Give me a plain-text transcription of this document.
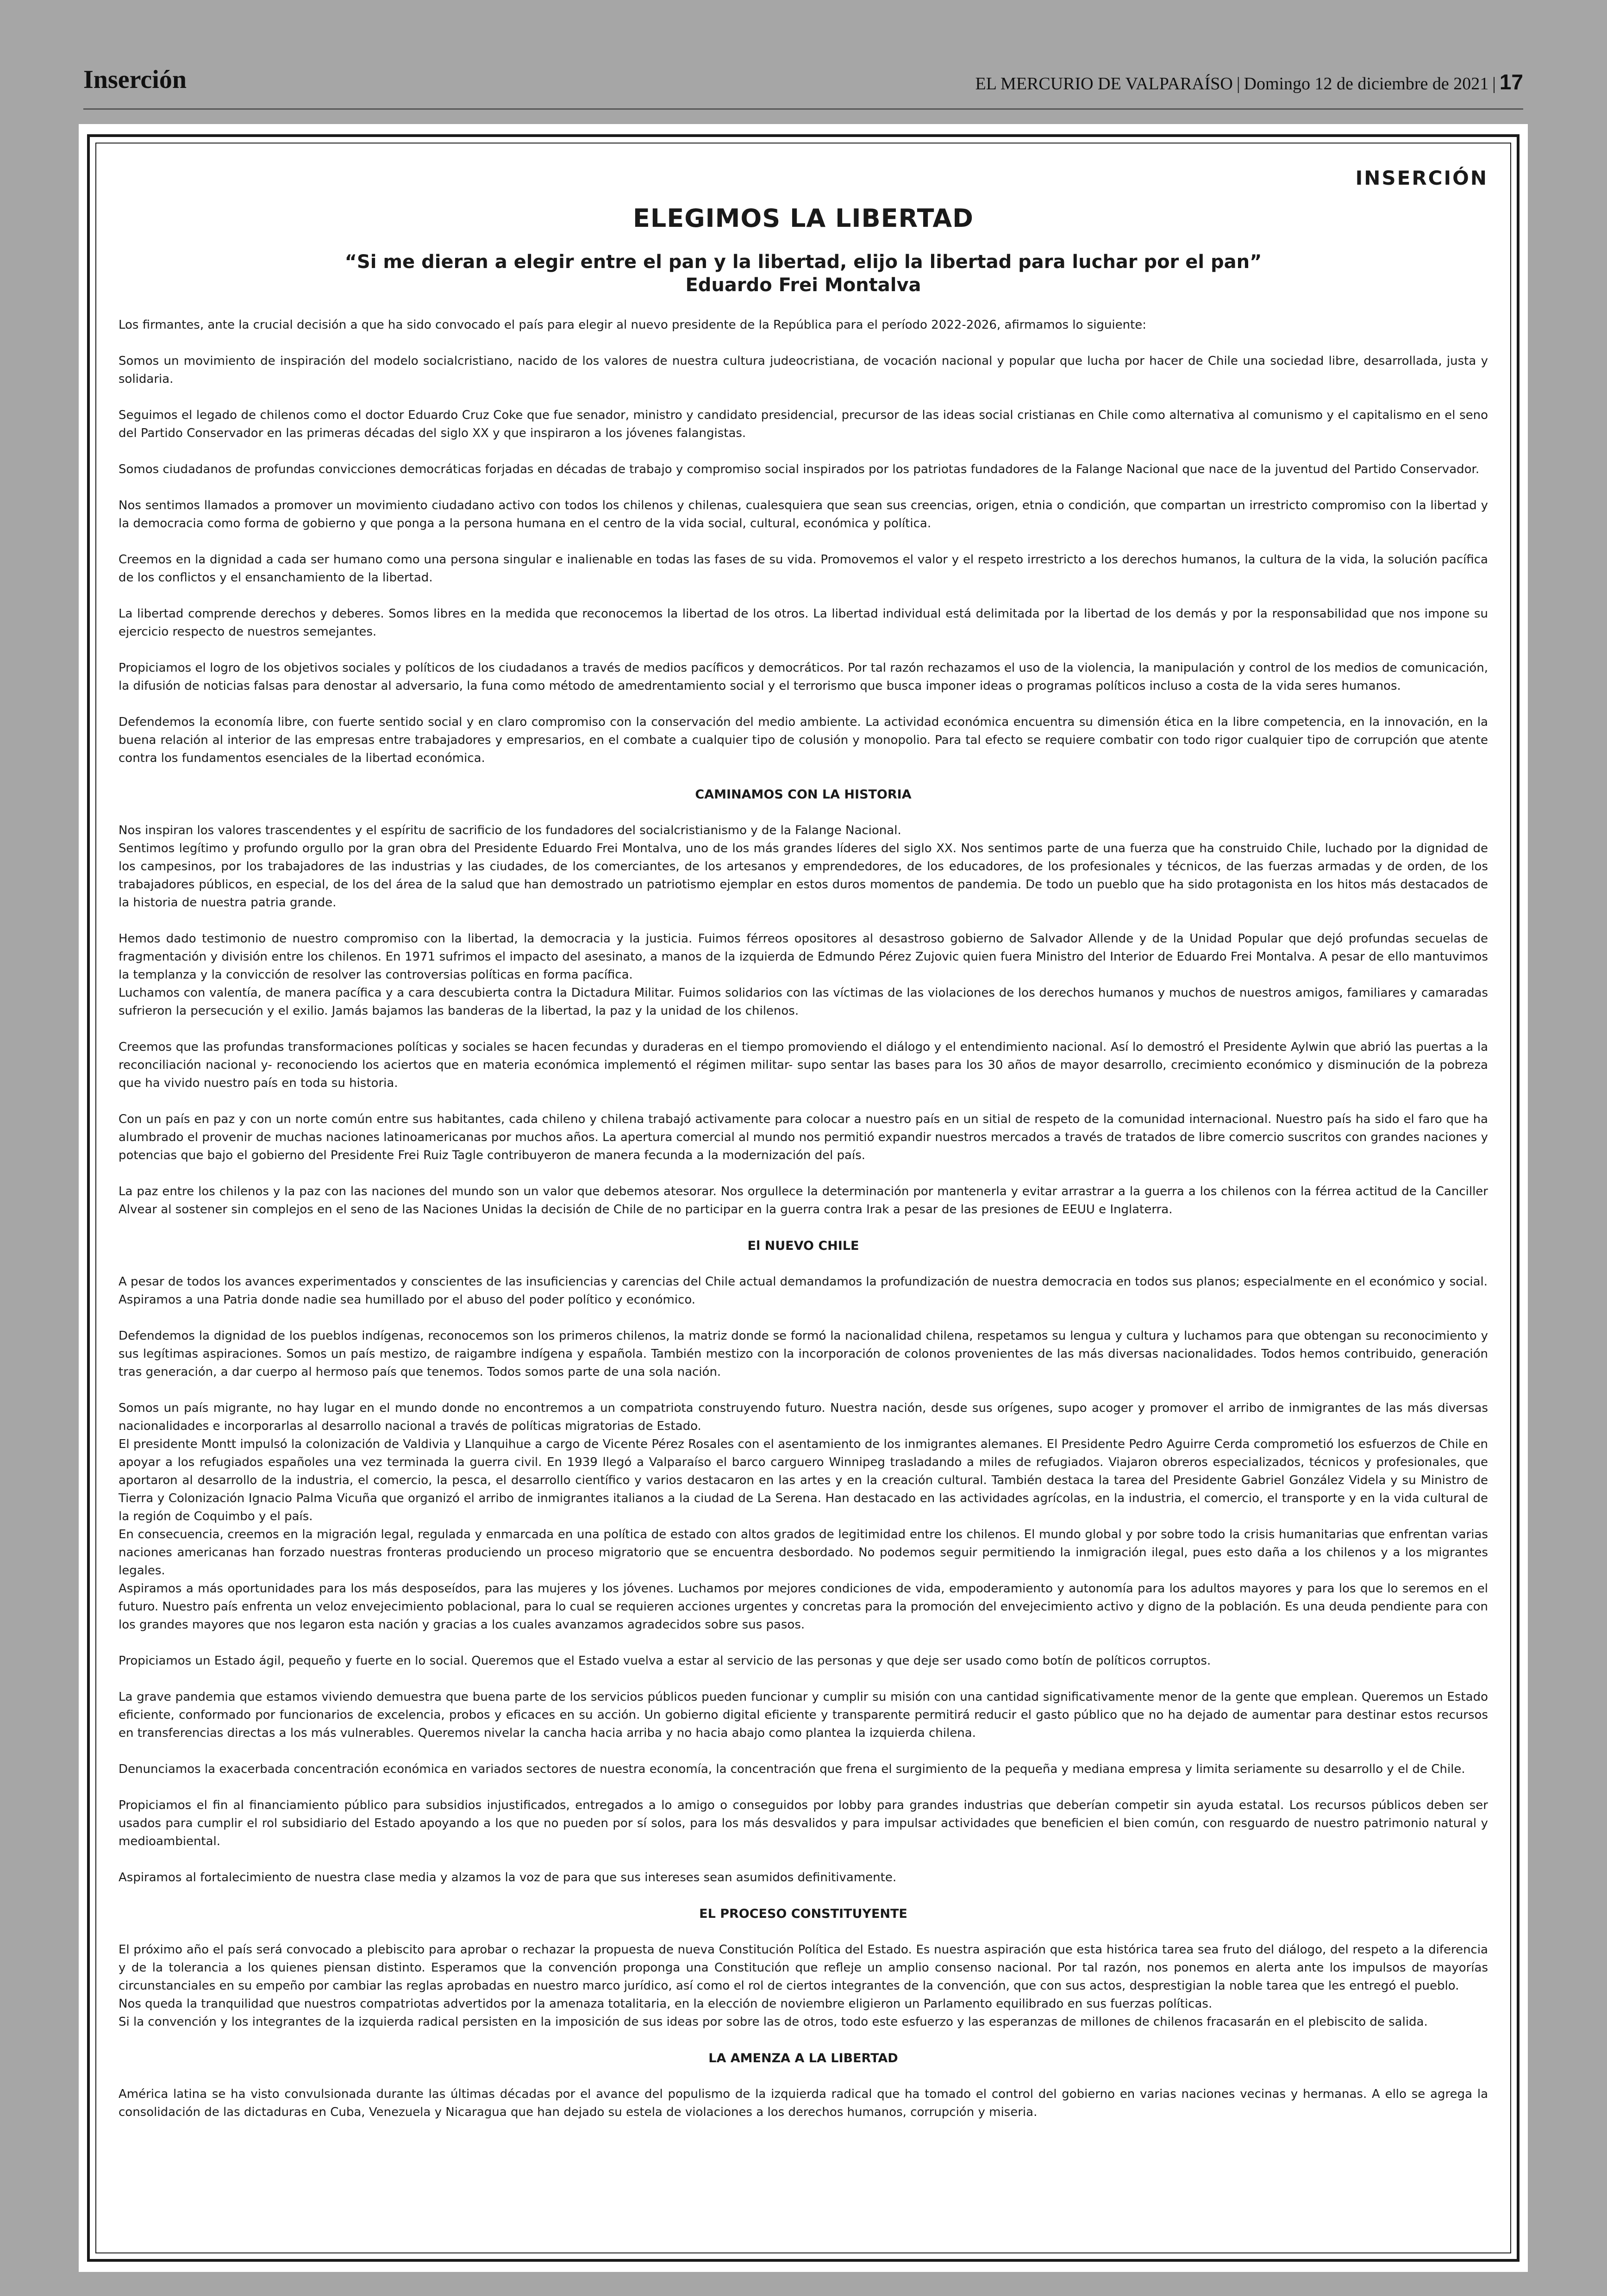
Inserción	EL MERCURIO DE VALPARAÍSO | Domingo 12 de diciembre de 2021 | 17
INSERCIÓN
ELEGIMOS LA LIBERTAD
“Si me dieran a elegir entre el pan y la libertad, elijo la libertad para luchar por el pan”
Eduardo Frei Montalva

Los firmantes, ante la crucial decisión a que ha sido convocado el país para elegir al nuevo presidente de la República para el período 2022-2026, afirmamos lo siguiente:

Somos un movimiento de inspiración del modelo socialcristiano, nacido de los valores de nuestra cultura judeocristiana, de vocación nacional y popular que lucha por hacer de Chile una sociedad libre, desarrollada, justa y solidaria.

Seguimos el legado de chilenos como el doctor Eduardo Cruz Coke que fue senador, ministro y candidato presidencial, precursor de las ideas social cristianas en Chile como alternativa al comunismo y el capitalismo en el seno del Partido Conservador en las primeras décadas del siglo XX y que inspiraron a los jóvenes falangistas.

Somos ciudadanos de profundas convicciones democráticas forjadas en décadas de trabajo y compromiso social inspirados por los patriotas fundadores de la Falange Nacional que nace de la juventud del Partido Conservador.

Nos sentimos llamados a promover un movimiento ciudadano activo con todos los chilenos y chilenas, cualesquiera que sean sus creencias, origen, etnia o condición, que compartan un irrestricto compromiso con la libertad y la democracia como forma de gobierno y que ponga a la persona humana en el centro de la vida social, cultural, económica y política.

Creemos en la dignidad a cada ser humano como una persona singular e inalienable en todas las fases de su vida. Promovemos el valor y el respeto irrestricto a los derechos humanos, la cultura de la vida, la solución pacífica de los conflictos y el ensanchamiento de la libertad.

La libertad comprende derechos y deberes. Somos libres en la medida que reconocemos la libertad de los otros. La libertad individual está delimitada por la libertad de los demás y por la responsabilidad que nos impone su ejercicio respecto de nuestros semejantes.

Propiciamos el logro de los objetivos sociales y políticos de los ciudadanos a través de medios pacíficos y democráticos. Por tal razón rechazamos el uso de la violencia, la manipulación y control de los medios de comunicación, la difusión de noticias falsas para denostar al adversario, la funa como método de amedrentamiento social y el terrorismo que busca imponer ideas o programas políticos incluso a costa de la vida seres humanos.

Defendemos la economía libre, con fuerte sentido social y en claro compromiso con la conservación del medio ambiente. La actividad económica encuentra su dimensión ética en la libre competencia, en la innovación, en la buena relación al interior de las empresas entre trabajadores y empresarios, en el combate a cualquier tipo de colusión y monopolio. Para tal efecto se requiere combatir con todo rigor cualquier tipo de corrupción que atente contra los fundamentos esenciales de la libertad económica.

CAMINAMOS CON LA HISTORIA

Nos inspiran los valores trascendentes y el espíritu de sacrificio de los fundadores del socialcristianismo y de la Falange Nacional.

Sentimos legítimo y profundo orgullo por la gran obra del Presidente Eduardo Frei Montalva, uno de los más grandes líderes del siglo XX. Nos sentimos parte de una fuerza que ha construido Chile, luchado por la dignidad de los campesinos, por los trabajadores de las industrias y las ciudades, de los comerciantes, de los artesanos y emprendedores, de los educadores, de los profesionales y técnicos, de las fuerzas armadas y de orden, de los trabajadores públicos, en especial, de los del área de la salud que han demostrado un patriotismo ejemplar en estos duros momentos de pandemia. De todo un pueblo que ha sido protagonista en los hitos más destacados de la historia de nuestra patria grande.

Hemos dado testimonio de nuestro compromiso con la libertad, la democracia y la justicia. Fuimos férreos opositores al desastroso gobierno de Salvador Allende y de la Unidad Popular que dejó profundas secuelas de fragmentación y división entre los chilenos. En 1971 sufrimos el impacto del asesinato, a manos de la izquierda de Edmundo Pérez Zujovic quien fuera Ministro del Interior de Eduardo Frei Montalva. A pesar de ello mantuvimos la templanza y la convicción de resolver las controversias políticas en forma pacífica.

Luchamos con valentía, de manera pacífica y a cara descubierta contra la Dictadura Militar. Fuimos solidarios con las víctimas de las violaciones de los derechos humanos y muchos de nuestros amigos, familiares y camaradas sufrieron la persecución y el exilio. Jamás bajamos las banderas de la libertad, la paz y la unidad de los chilenos.

Creemos que las profundas transformaciones políticas y sociales se hacen fecundas y duraderas en el tiempo promoviendo el diálogo y el entendimiento nacional. Así lo demostró el Presidente Aylwin que abrió las puertas a la reconciliación nacional y- reconociendo los aciertos que en materia económica implementó el régimen militar- supo sentar las bases para los 30 años de mayor desarrollo, crecimiento económico y disminución de la pobreza que ha vivido nuestro país en toda su historia.

Con un país en paz y con un norte común entre sus habitantes, cada chileno y chilena trabajó activamente para colocar a nuestro país en un sitial de respeto de la comunidad internacional. Nuestro país ha sido el faro que ha alumbrado el provenir de muchas naciones latinoamericanas por muchos años. La apertura comercial al mundo nos permitió expandir nuestros mercados a través de tratados de libre comercio suscritos con grandes naciones y potencias que bajo el gobierno del Presidente Frei Ruiz Tagle contribuyeron de manera fecunda a la modernización del país.

La paz entre los chilenos y la paz con las naciones del mundo son un valor que debemos atesorar. Nos orgullece la determinación por mantenerla y evitar arrastrar a la guerra a los chilenos con la férrea actitud de la Canciller Alvear al sostener sin complejos en el seno de las Naciones Unidas la decisión de Chile de no participar en la guerra contra Irak a pesar de las presiones de EEUU e Inglaterra.

El NUEVO CHILE

A pesar de todos los avances experimentados y conscientes de las insuficiencias y carencias del Chile actual demandamos la profundización de nuestra democracia en todos sus planos; especialmente en el económico y social.

Aspiramos a una Patria donde nadie sea humillado por el abuso del poder político y económico.

Defendemos la dignidad de los pueblos indígenas, reconocemos son los primeros chilenos, la matriz donde se formó la nacionalidad chilena, respetamos su lengua y cultura y luchamos para que obtengan su reconocimiento y sus legítimas aspiraciones. Somos un país mestizo, de raigambre indígena y española. También mestizo con la incorporación de colonos provenientes de las más diversas nacionalidades. Todos hemos contribuido, generación tras generación, a dar cuerpo al hermoso país que tenemos. Todos somos parte de una sola nación.

Somos un país migrante, no hay lugar en el mundo donde no encontremos a un compatriota construyendo futuro. Nuestra nación, desde sus orígenes, supo acoger y promover el arribo de inmigrantes de las más diversas nacionalidades e incorporarlas al desarrollo nacional a través de políticas migratorias de Estado.

El presidente Montt impulsó la colonización de Valdivia y Llanquihue a cargo de Vicente Pérez Rosales con el asentamiento de los inmigrantes alemanes. El Presidente Pedro Aguirre Cerda comprometió los esfuerzos de Chile en apoyar a los refugiados españoles una vez terminada la guerra civil. En 1939 llegó a Valparaíso el barco carguero Winnipeg trasladando a miles de refugiados. Viajaron obreros especializados, técnicos y profesionales, que aportaron al desarrollo de la industria, el comercio, la pesca, el desarrollo científico y varios destacaron en las artes y en la creación cultural. También destaca la tarea del Presidente Gabriel González Videla y su Ministro de Tierra y Colonización Ignacio Palma Vicuña que organizó el arribo de inmigrantes italianos a la ciudad de La Serena. Han destacado en las actividades agrícolas, en la industria, el comercio, el transporte y en la vida cultural de la región de Coquimbo y el país.

En consecuencia, creemos en la migración legal, regulada y enmarcada en una política de estado con altos grados de legitimidad entre los chilenos. El mundo global y por sobre todo la crisis humanitarias que enfrentan varias naciones americanas han forzado nuestras fronteras produciendo un proceso migratorio que se encuentra desbordado. No podemos seguir permitiendo la inmigración ilegal, pues esto daña a los chilenos y a los migrantes legales.

Aspiramos a más oportunidades para los más desposeídos, para las mujeres y los jóvenes. Luchamos por mejores condiciones de vida, empoderamiento y autonomía para los adultos mayores y para los que lo seremos en el futuro. Nuestro país enfrenta un veloz envejecimiento poblacional, para lo cual se requieren acciones urgentes y concretas para la promoción del envejecimiento activo y digno de la población. Es una deuda pendiente para con los grandes mayores que nos legaron esta nación y gracias a los cuales avanzamos agradecidos sobre sus pasos.

Propiciamos un Estado ágil, pequeño y fuerte en lo social. Queremos que el Estado vuelva a estar al servicio de las personas y que deje ser usado como botín de políticos corruptos.

La grave pandemia que estamos viviendo demuestra que buena parte de los servicios públicos pueden funcionar y cumplir su misión con una cantidad significativamente menor de la gente que emplean. Queremos un Estado eficiente, conformado por funcionarios de excelencia, probos y eficaces en su acción. Un gobierno digital eficiente y transparente permitirá reducir el gasto público que no ha dejado de aumentar para destinar estos recursos en transferencias directas a los más vulnerables. Queremos nivelar la cancha hacia arriba y no hacia abajo como plantea la izquierda chilena.

Denunciamos la exacerbada concentración económica en variados sectores de nuestra economía, la concentración que frena el surgimiento de la pequeña y mediana empresa y limita seriamente su desarrollo y el de Chile.

Propiciamos el fin al financiamiento público para subsidios injustificados, entregados a lo amigo o conseguidos por lobby para grandes industrias que deberían competir sin ayuda estatal. Los recursos públicos deben ser usados para cumplir el rol subsidiario del Estado apoyando a los que no pueden por sí solos, para los más desvalidos y para impulsar actividades que beneficien el bien común, con resguardo de nuestro patrimonio natural y medioambiental.

Aspiramos al fortalecimiento de nuestra clase media y alzamos la voz de para que sus intereses sean asumidos definitivamente.

EL PROCESO CONSTITUYENTE

El próximo año el país será convocado a plebiscito para aprobar o rechazar la propuesta de nueva Constitución Política del Estado. Es nuestra aspiración que esta histórica tarea sea fruto del diálogo, del respeto a la diferencia y de la tolerancia a los quienes piensan distinto. Esperamos que la convención proponga una Constitución que refleje un amplio consenso nacional. Por tal razón, nos ponemos en alerta ante los impulsos de mayorías circunstanciales en su empeño por cambiar las reglas aprobadas en nuestro marco jurídico, así como el rol de ciertos integrantes de la convención, que con sus actos, desprestigian la noble tarea que les entregó el pueblo.

Nos queda la tranquilidad que nuestros compatriotas advertidos por la amenaza totalitaria, en la elección de noviembre eligieron un Parlamento equilibrado en sus fuerzas políticas.

Si la convención y los integrantes de la izquierda radical persisten en la imposición de sus ideas por sobre las de otros, todo este esfuerzo y las esperanzas de millones de chilenos fracasarán en el plebiscito de salida.

LA AMENZA A LA LIBERTAD

América latina se ha visto convulsionada durante las últimas décadas por el avance del populismo de la izquierda radical que ha tomado el control del gobierno en varias naciones vecinas y hermanas. A ello se agrega la consolidación de las dictaduras en Cuba, Venezuela y Nicaragua que han dejado su estela de violaciones a los derechos humanos, corrupción y miseria.
